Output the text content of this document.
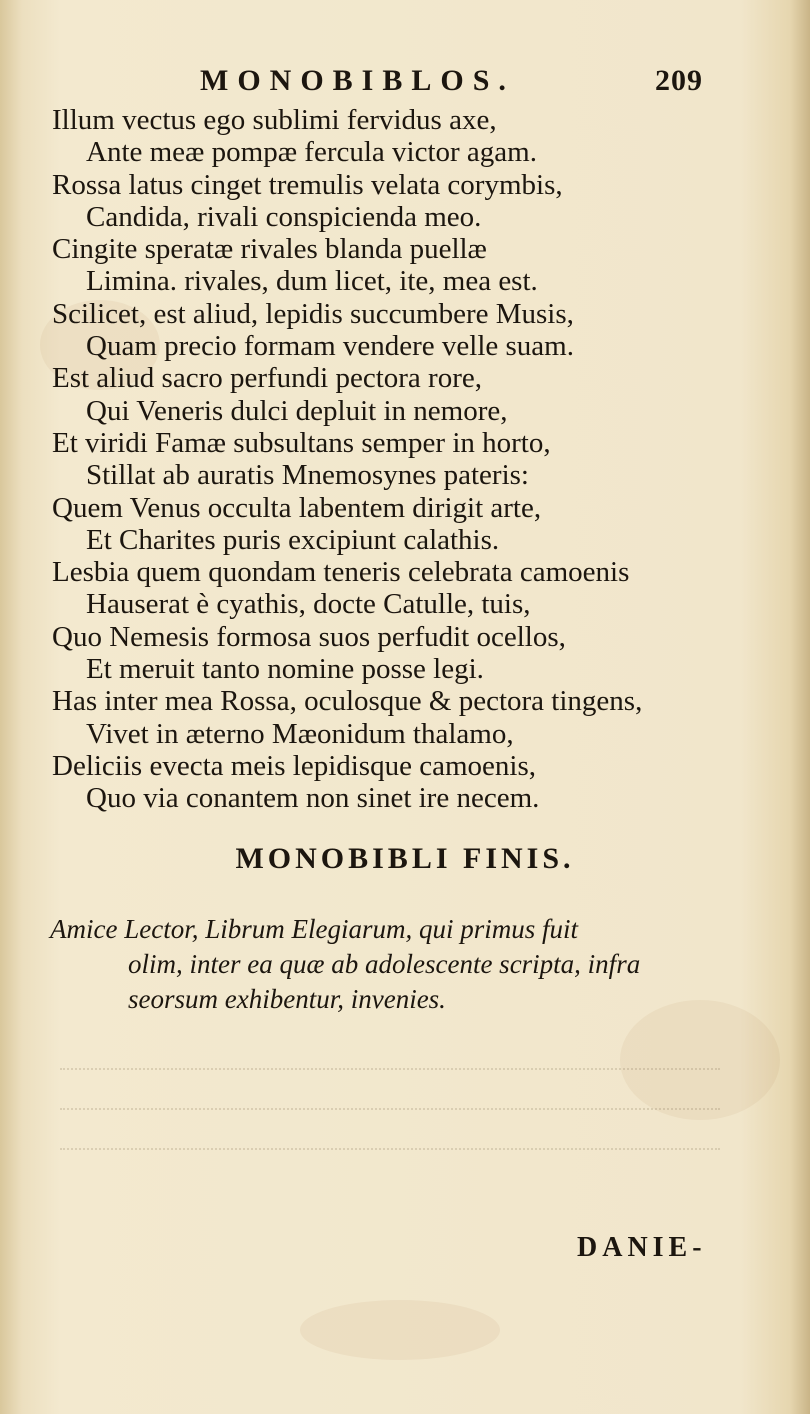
MONOBIBLOS.	209
Illum vectus ego sublimi fervidus axe,
Ante meæ pompæ fercula victor agam.
Rossa latus cinget tremulis velata corymbis,
Candida, rivali conspicienda meo.
Cingite speratæ rivales blanda puellæ
Limina. rivales, dum licet, ite, mea est.
Scilicet, est aliud, lepidis succumbere Musis,
Quam precio formam vendere velle suam.
Est aliud sacro perfundi pectora rore,
Qui Veneris dulci depluit in nemore,
Et viridi Famæ subsultans semper in horto,
Stillat ab auratis Mnemosynes pateris:
Quem Venus occulta labentem dirigit arte,
Et Charites puris excipiunt calathis.
Lesbia quem quondam teneris celebrata camoenis
Hauserat è cyathis, docte Catulle, tuis,
Quo Nemesis formosa suos perfudit ocellos,
Et meruit tanto nomine posse legi.
Has inter mea Rossa, oculosque & pectora tingens,
Vivet in æterno Mæonidum thalamo,
Deliciis evecta meis lepidisque camoenis,
Quo via conantem non sinet ire necem.
MONOBIBLI FINIS.
Amice Lector, Librum Elegiarum, qui primus fuit
olim, inter ea quæ ab adolescente scripta, infra
seorsum exhibentur, invenies.
DANIE-
